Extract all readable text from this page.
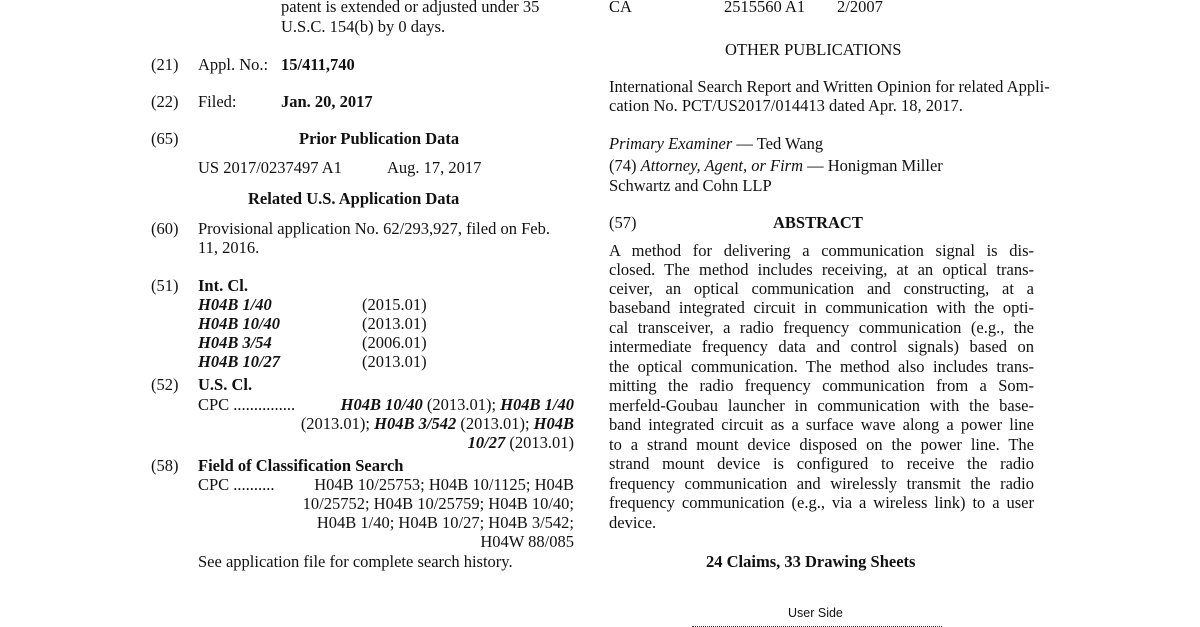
patent is extended or adjusted under 35
U.S.C. 154(b) by 0 days.
(21) Appl. No.: 15/411,740
(22) Filed:	Jan. 20, 2017
(65)	Prior Publication Data
US 2017/0237497 A1	Aug. 17, 2017
Related U.S. Application Data
(60) Provisional application No. 62/293,927, filed on Feb.
11, 2016.
(51) Int. Cl.
H04B 1/40	(2015.01)
H04B 10/40	(2013.01)
H04B 3/54	(2006.01)
H04B 10/27	(2013.01)
(52) U.S. Cl.
CPC ...............	H04B 10/40 (2013.01); H04B 1/40
(2013.01); H04B 3/542 (2013.01); H04B
10/27 (2013.01)
(58) Field of Classification Search
CPC .......... H04B 10/25753; H04B 10/1125; H04B
10/25752; H04B 10/25759; H04B 10/40;
H04B 1/40; H04B 10/27; H04B 3/542;
H04W 88/085
See application file for complete search history.
CA	2515560 A1 2/2007
OTHER PUBLICATIONS
International Search Report and Written Opinion for related Appli-
cation No. PCT/US2017/014413 dated Apr. 18, 2017.
Primary Examiner — Ted Wang
(74) Attorney, Agent, or Firm — Honigman Miller
Schwartz and Cohn LLP
(57)	ABSTRACT
A method for delivering a communication signal is dis-
closed. The method includes receiving, at an optical trans-
ceiver, an optical communication and constructing, at a
baseband integrated circuit in communication with the opti-
cal transceiver, a radio frequency communication (e.g., the
intermediate frequency data and control signals) based on
the optical communication. The method also includes trans-
mitting the radio frequency communication from a Som-
merfeld-Goubau launcher in communication with the base-
band integrated circuit as a surface wave along a power line
to a strand mount device disposed on the power line. The
strand mount device is configured to receive the radio
frequency communication and wirelessly transmit the radio
frequency communication (e.g., via a wireless link) to a user
device.
24 Claims, 33 Drawing Sheets
User Side
